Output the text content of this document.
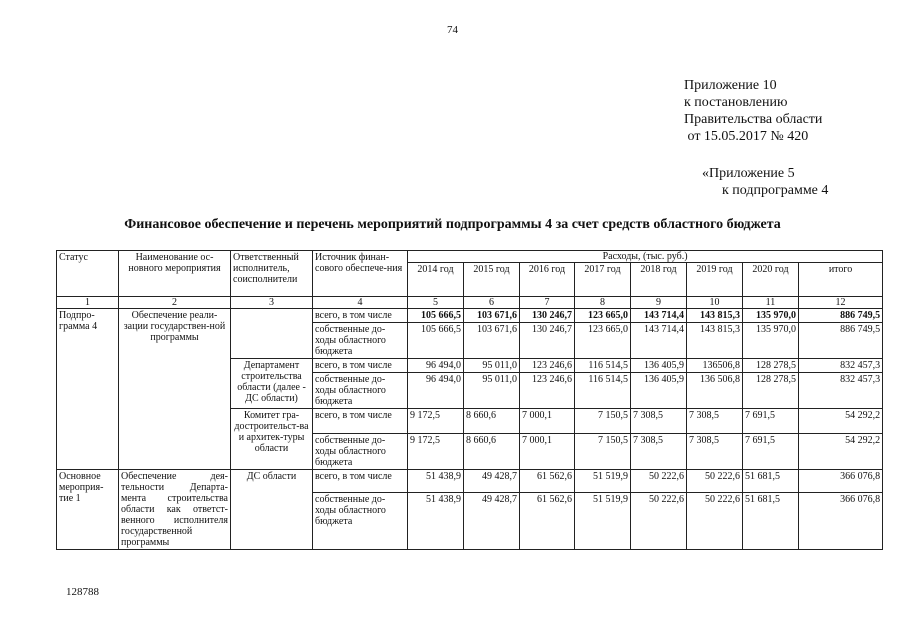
74
Приложение 10
к постановлению
Правительства области
от 15.05.2017 № 420
«Приложение 5
к подпрограмме 4
Финансовое обеспечение и перечень мероприятий подпрограммы 4 за счет средств областного бюджета
Статус	Наименование ос-новного мероприятия	Ответственный исполнитель, соисполнители	Источник финан-сового обеспече-ния	Расходы, (тыс. руб.)							
				2014 год	2015 год	2016 год	2017 год	2018 год	2019 год	2020 год	итого
1	2	3	4	5	6	7	8	9	10	11	12
Подпро-грамма 4	Обеспечение реали-зации государствен-ной программы		всего, в том числе	105 666,5	103 671,6	130 246,7	123 665,0	143 714,4	143 815,3	135 970,0	886 749,5
			собственные до-ходы областного бюджета	105 666,5	103 671,6	130 246,7	123 665,0	143 714,4	143 815,3	135 970,0	886 749,5
		Департамент строительства области (далее - ДС области)	всего, в том числе	96 494,0	95 011,0	123 246,6	116 514,5	136 405,9	136506,8	128 278,5	832 457,3
			собственные до-ходы областного бюджета	96 494,0	95 011,0	123 246,6	116 514,5	136 405,9	136 506,8	128 278,5	832 457,3
		Комитет гра-достроительст-ва и архитек-туры области	всего, в том числе	9 172,5	8 660,6	7 000,1	7 150,5	7 308,5	7 308,5	7 691,5	54 292,2
			собственные до-ходы областного бюджета	9 172,5	8 660,6	7 000,1	7 150,5	7 308,5	7 308,5	7 691,5	54 292,2
Основное мероприя-тие 1	Обеспечение дея-тельности Департа-мента строительства области как ответст-венного исполнителя государственной программы	ДС области	всего, в том числе	51 438,9	49 428,7	61 562,6	51 519,9	50 222,6	50 222,6	51 681,5	366 076,8
			собственные до-ходы областного бюджета	51 438,9	49 428,7	61 562,6	51 519,9	50 222,6	50 222,6	51 681,5	366 076,8
128788
